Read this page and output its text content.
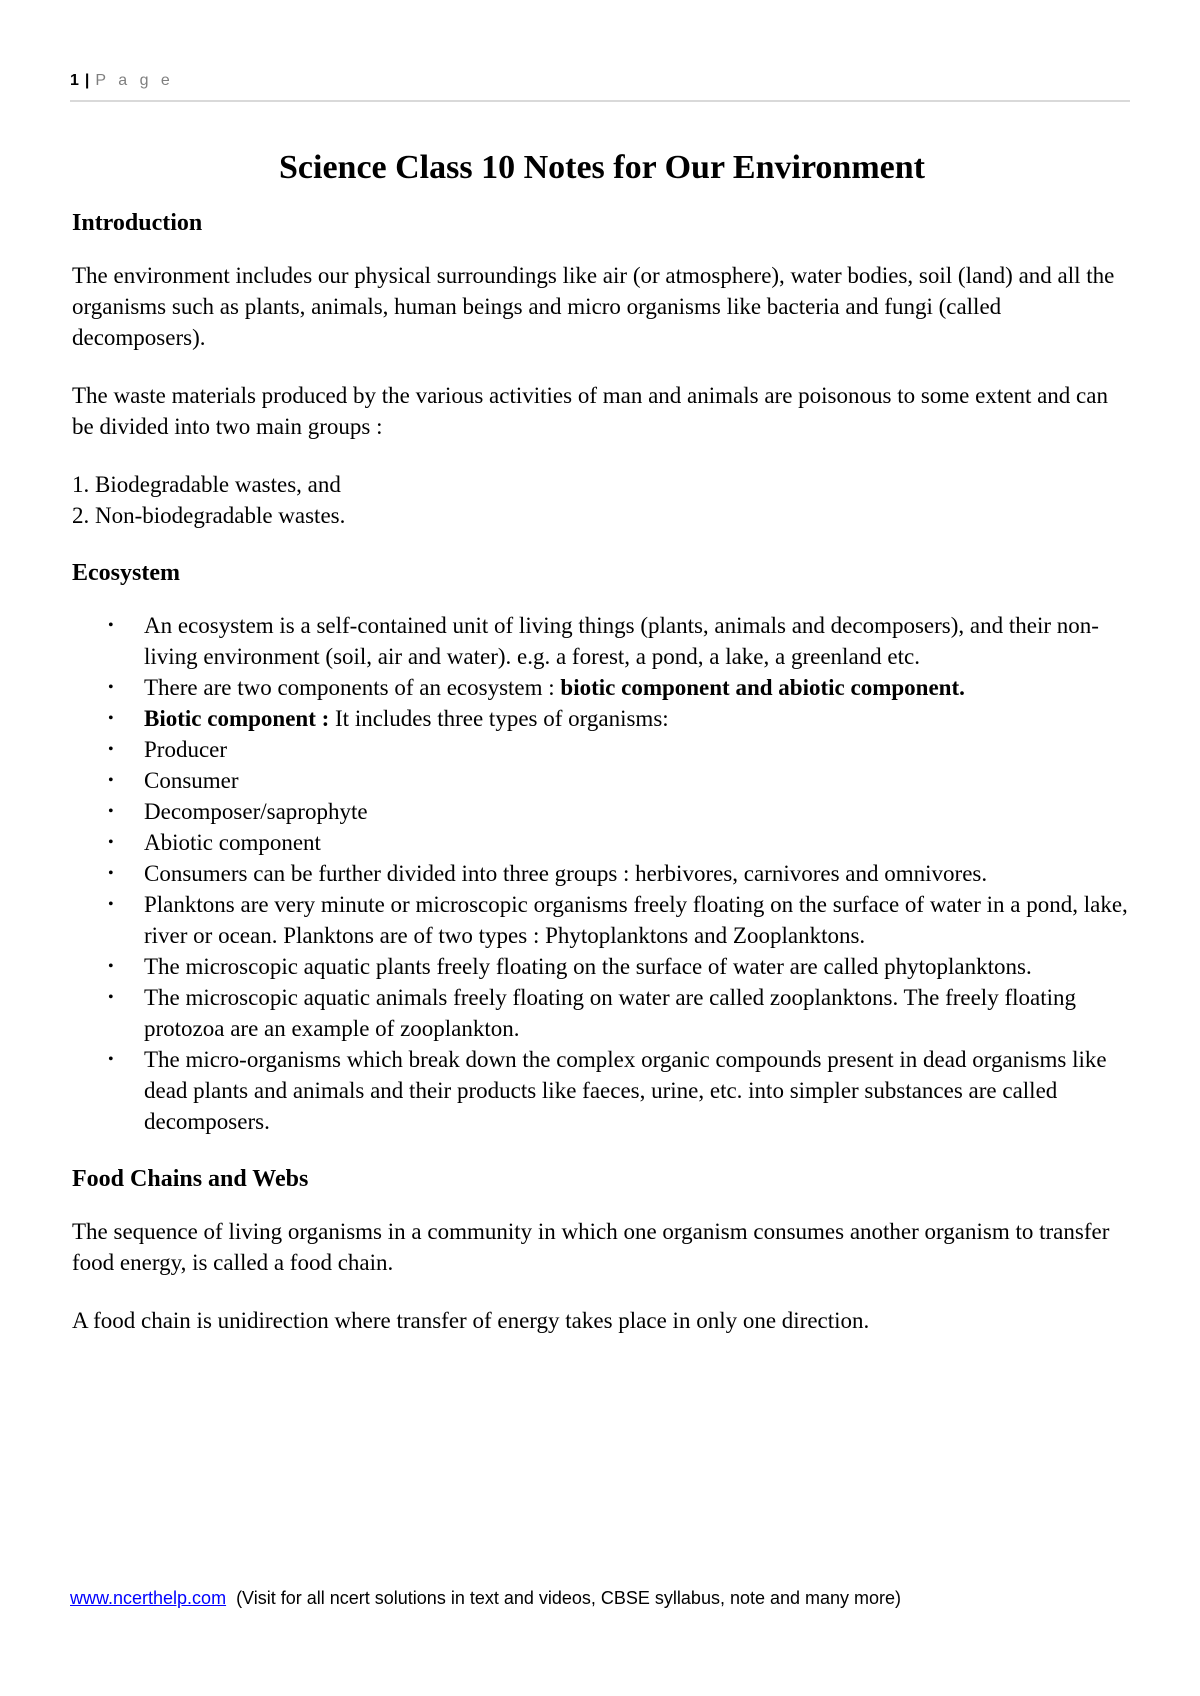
1 | P a g e
Science Class 10 Notes for Our Environment
Introduction

The environment includes our physical surroundings like air (or atmosphere), water bodies, soil (land) and all the organisms such as plants, animals, human beings and micro organisms like bacteria and fungi (called decomposers).

The waste materials produced by the various activities of man and animals are poisonous to some extent and can be divided into two main groups :

1. Biodegradable wastes, and
2. Non-biodegradable wastes.
Ecosystem
• An ecosystem is a self-contained unit of living things (plants, animals and decomposers), and their non-living environment (soil, air and water). e.g. a forest, a pond, a lake, a greenland etc.
• There are two components of an ecosystem : biotic component and abiotic component.
• Biotic component : It includes three types of organisms:
• Producer
• Consumer
• Decomposer/saprophyte
• Abiotic component
• Consumers can be further divided into three groups : herbivores, carnivores and omnivores.
• Planktons are very minute or microscopic organisms freely floating on the surface of water in a pond, lake, river or ocean. Planktons are of two types : Phytoplanktons and Zooplanktons.
• The microscopic aquatic plants freely floating on the surface of water are called phytoplanktons.
• The microscopic aquatic animals freely floating on water are called zooplanktons. The freely floating protozoa are an example of zooplankton.
• The micro-organisms which break down the complex organic compounds present in dead organisms like dead plants and animals and their products like faeces, urine, etc. into simpler substances are called decomposers.
Food Chains and Webs

The sequence of living organisms in a community in which one organism consumes another organism to transfer food energy, is called a food chain.

A food chain is unidirection where transfer of energy takes place in only one direction.

www.ncerthelp.com (Visit for all ncert solutions in text and videos, CBSE syllabus, note and many more)
